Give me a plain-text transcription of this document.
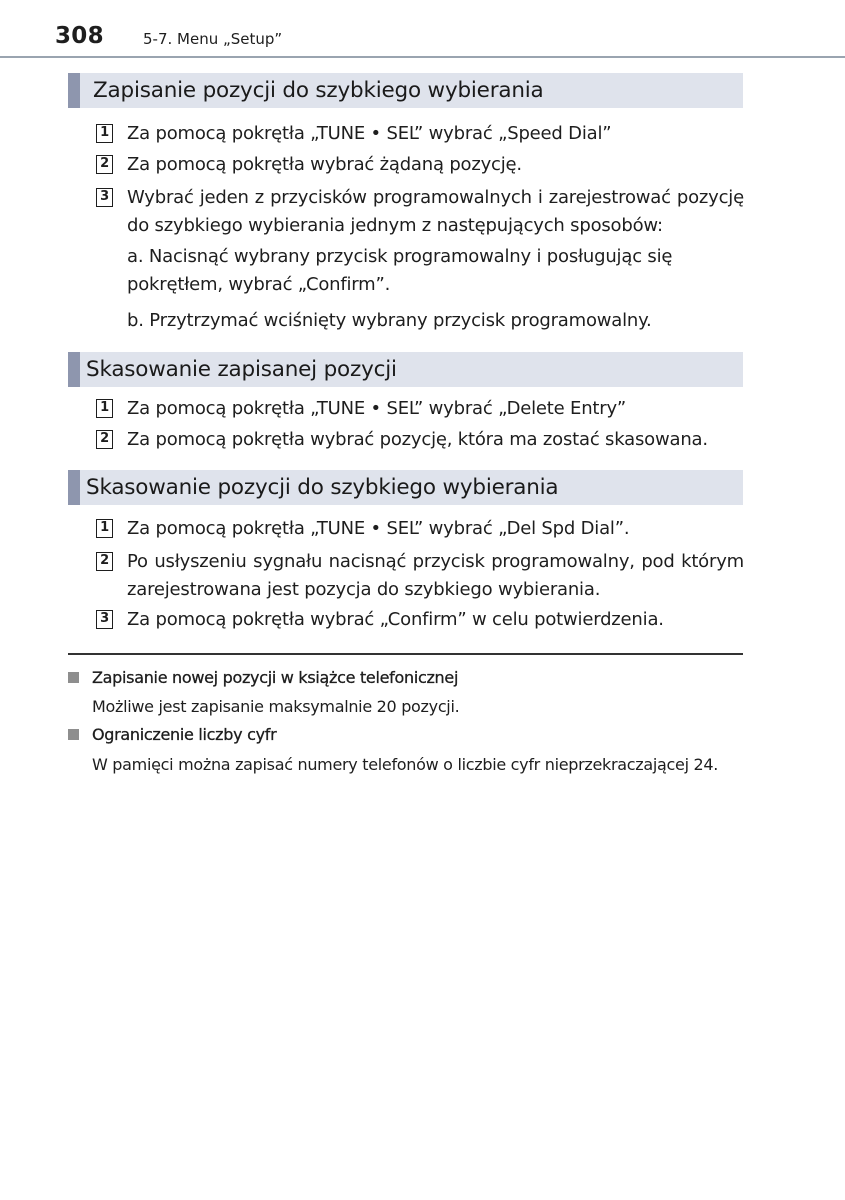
308	5-7. Menu „Setup”
Zapisanie pozycji do szybkiego wybierania
1 Za pomocą pokrętła „TUNE • SEL” wybrać „Speed Dial”
2 Za pomocą pokrętła wybrać żądaną pozycję.
3 Wybrać jeden z przycisków programowalnych i zarejestrować pozycję do szybkiego wybierania jednym z następujących sposobów:
a. Nacisnąć wybrany przycisk programowalny i posługując się pokrętłem, wybrać „Confirm”.
b. Przytrzymać wciśnięty wybrany przycisk programowalny.
Skasowanie zapisanej pozycji
1 Za pomocą pokrętła „TUNE • SEL” wybrać „Delete Entry”
2 Za pomocą pokrętła wybrać pozycję, która ma zostać skasowana.
Skasowanie pozycji do szybkiego wybierania
1 Za pomocą pokrętła „TUNE • SEL” wybrać „Del Spd Dial”.
2 Po usłyszeniu sygnału nacisnąć przycisk programowalny, pod którym zarejestrowana jest pozycja do szybkiego wybierania.
3 Za pomocą pokrętła wybrać „Confirm” w celu potwierdzenia.
Zapisanie nowej pozycji w książce telefonicznej
Możliwe jest zapisanie maksymalnie 20 pozycji.
Ograniczenie liczby cyfr
W pamięci można zapisać numery telefonów o liczbie cyfr nieprzekraczającej 24.
